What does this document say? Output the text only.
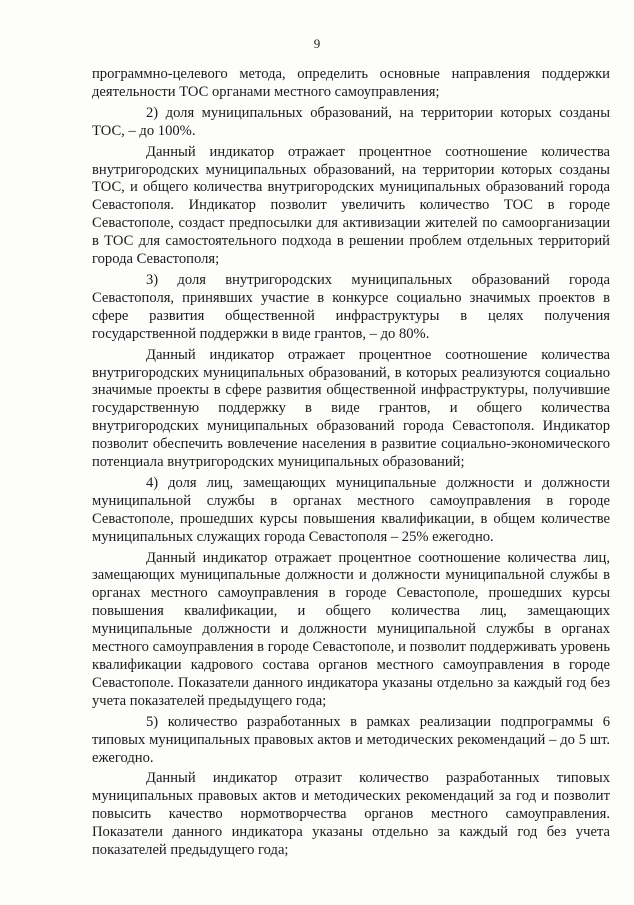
9

программно-целевого метода, определить основные направления поддержки деятельности ТОС органами местного самоуправления;

2) доля муниципальных образований, на территории которых созданы ТОС, – до 100%.

Данный индикатор отражает процентное соотношение количества внутригородских муниципальных образований, на территории которых созданы ТОС, и общего количества внутригородских муниципальных образований города Севастополя. Индикатор позволит увеличить количество ТОС в городе Севастополе, создаст предпосылки для активизации жителей по самоорганизации в ТОС для самостоятельного подхода в решении проблем отдельных территорий города Севастополя;

3) доля внутригородских муниципальных образований города Севастополя, принявших участие в конкурсе социально значимых проектов в сфере развития общественной инфраструктуры в целях получения государственной поддержки в виде грантов, – до 80%.

Данный индикатор отражает процентное соотношение количества внутригородских муниципальных образований, в которых реализуются социально значимые проекты в сфере развития общественной инфраструктуры, получившие государственную поддержку в виде грантов, и общего количества внутригородских муниципальных образований города Севастополя. Индикатор позволит обеспечить вовлечение населения в развитие социально-экономического потенциала внутригородских муниципальных образований;

4) доля лиц, замещающих муниципальные должности и должности муниципальной службы в органах местного самоуправления в городе Севастополе, прошедших курсы повышения квалификации, в общем количестве муниципальных служащих города Севастополя – 25% ежегодно.

Данный индикатор отражает процентное соотношение количества лиц, замещающих муниципальные должности и должности муниципальной службы в органах местного самоуправления в городе Севастополе, прошедших курсы повышения квалификации, и общего количества лиц, замещающих муниципальные должности и должности муниципальной службы в органах местного самоуправления в городе Севастополе, и позволит поддерживать уровень квалификации кадрового состава органов местного самоуправления в городе Севастополе. Показатели данного индикатора указаны отдельно за каждый год без учета показателей предыдущего года;

5) количество разработанных в рамках реализации подпрограммы 6 типовых муниципальных правовых актов и методических рекомендаций – до 5 шт. ежегодно.

Данный индикатор отразит количество разработанных типовых муниципальных правовых актов и методических рекомендаций за год и позволит повысить качество нормотворчества органов местного самоуправления. Показатели данного индикатора указаны отдельно за каждый год без учета показателей предыдущего года;
